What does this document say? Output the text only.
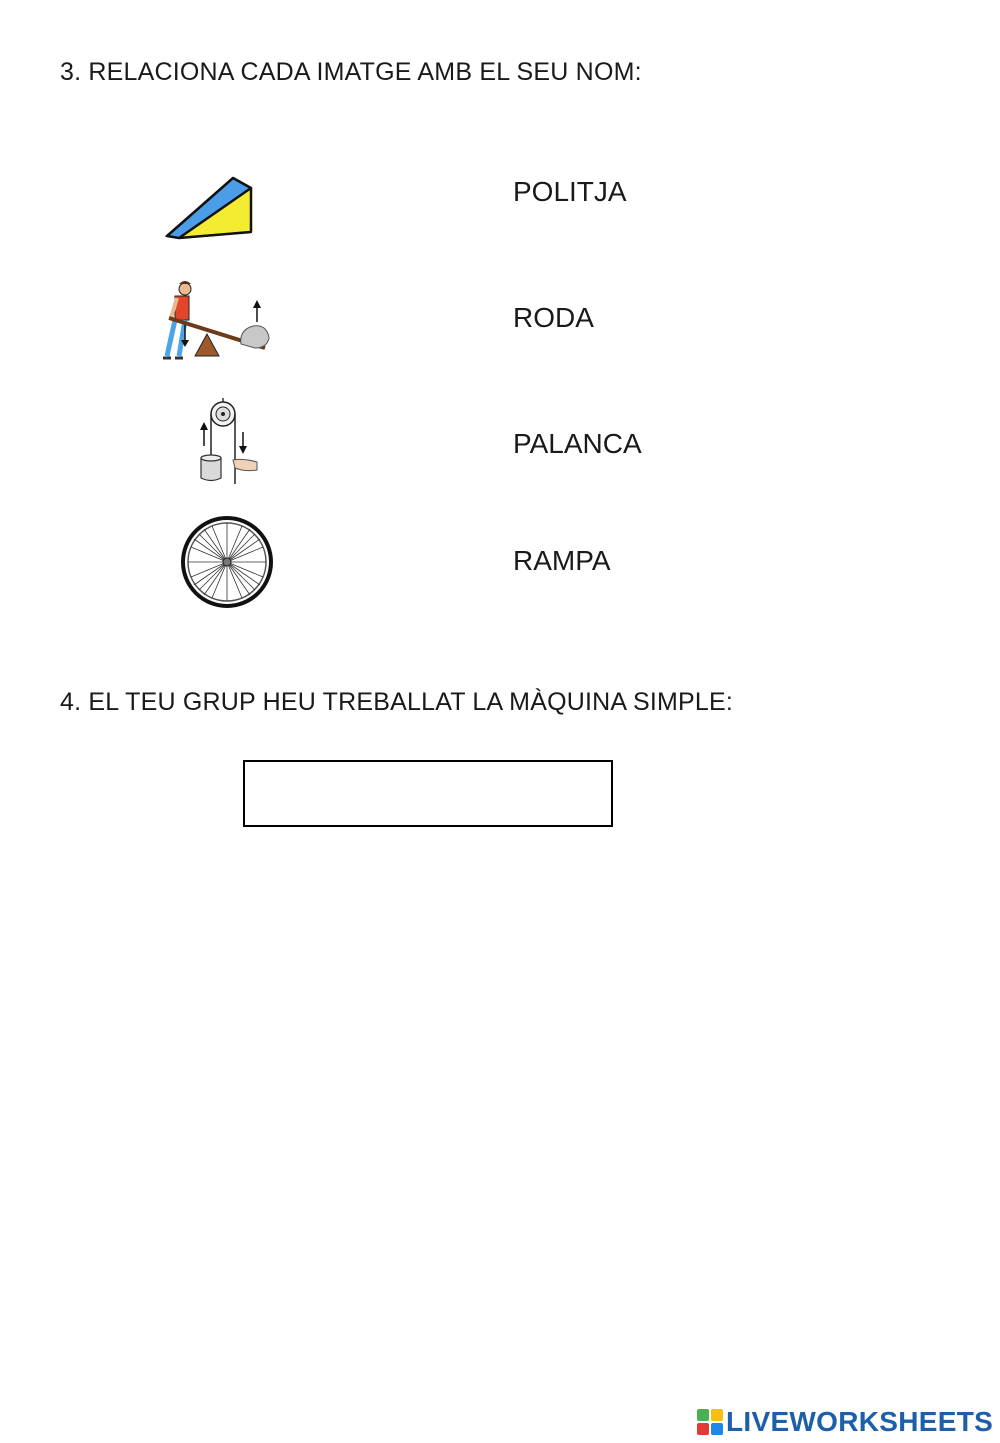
3. RELACIONA CADA IMATGE AMB EL SEU NOM:
POLITJA
RODA
PALANCA
RAMPA
4. EL TEU GRUP HEU TREBALLAT LA MÀQUINA SIMPLE:
LIVEWORKSHEETS
